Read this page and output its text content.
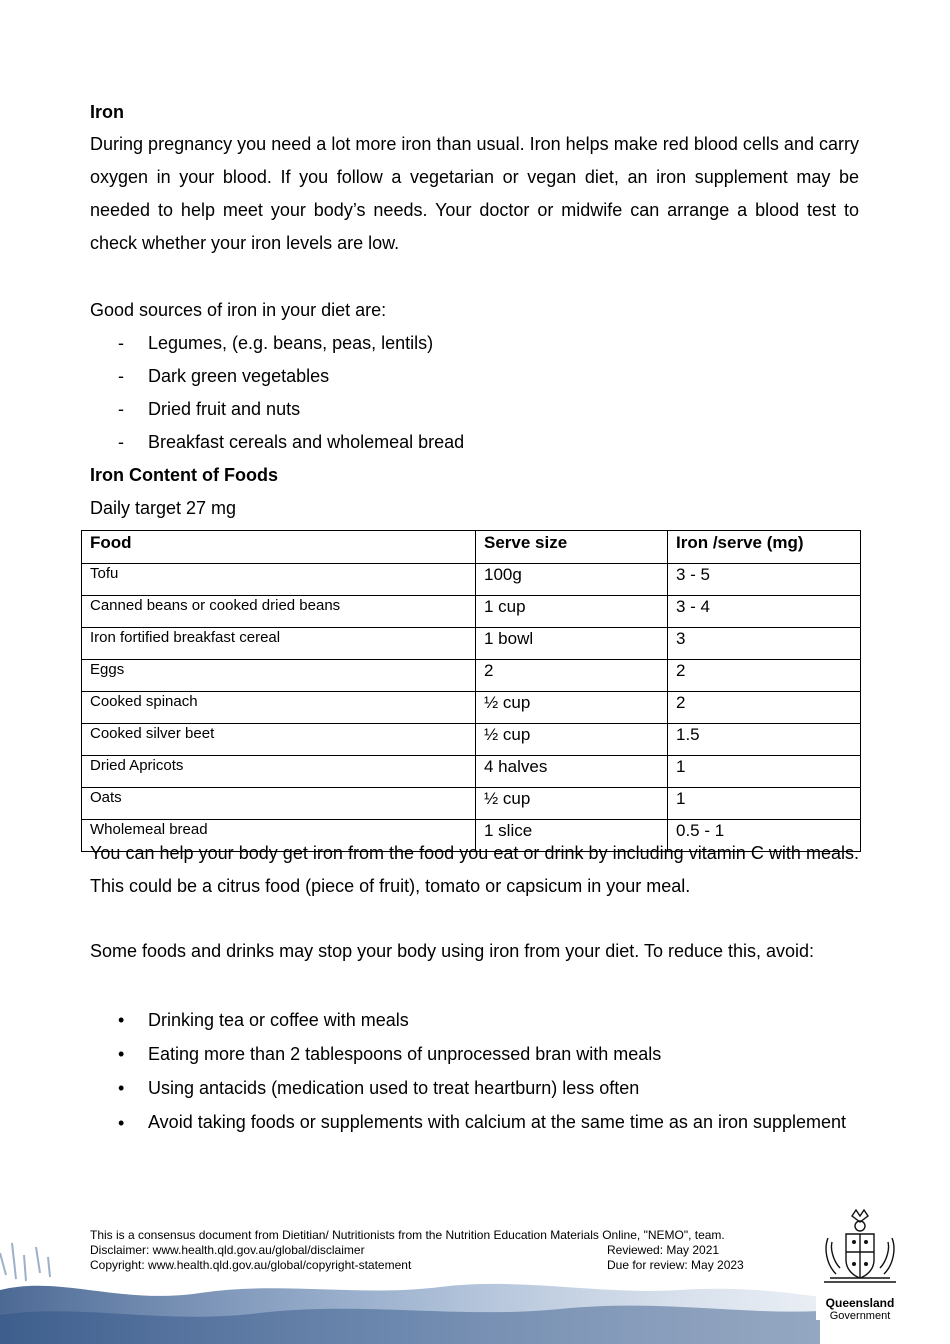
Iron

During pregnancy you need a lot more iron than usual. Iron helps make red blood cells and carry oxygen in your blood. If you follow a vegetarian or vegan diet, an iron supplement may be needed to help meet your body’s needs. Your doctor or midwife can arrange a blood test to check whether your iron levels are low.

Good sources of iron in your diet are:
- Legumes, (e.g. beans, peas, lentils)
- Dark green vegetables
- Dried fruit and nuts
- Breakfast cereals and wholemeal bread
Iron Content of Foods
Daily target 27 mg
Food	Serve size	Iron /serve (mg)
Tofu	100g	3 - 5
Canned beans or cooked dried beans	1 cup	3 - 4
Iron fortified breakfast cereal	1 bowl	3
Eggs	2	2
Cooked spinach	½ cup	2
Cooked silver beet	½ cup	1.5
Dried Apricots	4 halves	1
Oats	½ cup	1
Wholemeal bread	1 slice	0.5 - 1

You can help your body get iron from the food you eat or drink by including vitamin C with meals. This could be a citrus food (piece of fruit), tomato or capsicum in your meal.

Some foods and drinks may stop your body using iron from your diet. To reduce this, avoid:

• Drinking tea or coffee with meals
• Eating more than 2 tablespoons of unprocessed bran with meals
• Using antacids (medication used to treat heartburn) less often
• Avoid taking foods or supplements with calcium at the same time as an iron supplement

This is a consensus document from Dietitian/ Nutritionists from the Nutrition Education Materials Online, "NEMO", team.
Disclaimer: www.health.qld.gov.au/global/disclaimer
Copyright: www.health.qld.gov.au/global/copyright-statement
Reviewed: May 2021
Due for review: May 2023
Queensland
Government
